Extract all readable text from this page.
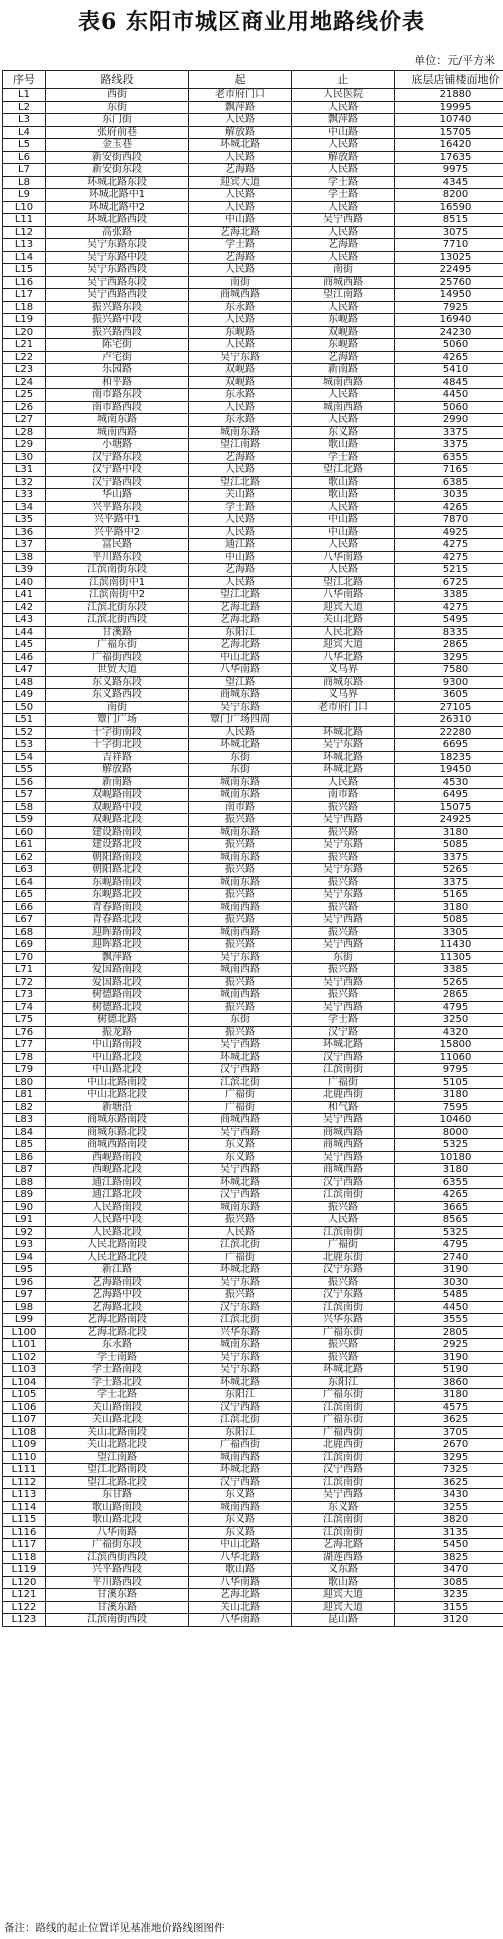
表6 东阳市城区商业用地路线价表
单位：元/平方米
序号	路线段	起	止	底层店铺楼面地价
L1	西街	老市府门口	人民医院	21880
L2	东街	飘萍路	人民路	19995
L3	东门街	人民路	飘萍路	10740
L4	张府前巷	解放路	中山路	15705
L5	金玉巷	环城北路	人民路	16420
L6	新安街西段	人民路	解放路	17635
L7	新安街东段	艺海路	人民路	9975
L8	环城北路东段	迎宾大道	学士路	4345
L9	环城北路中1	人民路	学士路	8200
L10	环城北路中2	人民路	人民路	16590
L11	环城北路西段	中山路	吴宁西路	8515
L12	高张路	艺海北路	人民路	3075
L13	吴宁东路东段	学士路	艺海路	7710
L14	吴宁东路中段	艺海路	人民路	13025
L15	吴宁东路西段	人民路	南街	22495
L16	吴宁西路东段	南街	商城西路	25760
L17	吴宁西路西段	商城西路	望江南路	14950
L18	振兴路东段	东永路	人民路	7925
L19	振兴路中段	人民路	东岘路	16940
L20	振兴路西段	东岘路	双岘路	24230
L21	陈宅街	人民路	东岘路	5060
L22	卢宅街	吴宁东路	艺海路	4265
L23	乐园路	双岘路	新南路	5410
L24	和平路	双岘路	城南西路	4845
L25	南市路东段	东永路	人民路	4450
L26	南市路西段	人民路	城南西路	5060
L27	城南东路	东永路	人民路	2990
L28	城南西路	城南东路	东义路	3375
L29	小塘路	望江南路	歌山路	3375
L30	汉宁路东段	艺海路	学士路	6355
L31	汉宁路中段	人民路	望江北路	7165
L32	汉宁路西段	望江北路	歌山路	6385
L33	华山路	关山路	歌山路	3035
L34	兴平路东段	学士路	人民路	4265
L35	兴平路中1	人民路	中山路	7870
L36	兴平路中2	人民路	中山路	4925
L37	富民路	通江路	人民路	4275
L38	平川路东段	中山路	八华南路	4275
L39	江滨南街东段	艺海路	人民路	5215
L40	江滨南街中1	人民路	望江北路	6725
L41	江滨南街中2	望江北路	八华南路	3385
L42	江滨北街东段	艺海北路	迎宾大道	4275
L43	江滨北街西段	艺海北路	关山北路	5495
L44	甘溪路	东阳江	人民北路	8335
L45	广福东街	艺海北路	迎宾大道	2865
L46	广福街西段	中山北路	八华北路	3295
L47	世贸大道	八华南路	义乌界	7580
L48	东义路东段	望江路	商城东路	9300
L49	东义路西段	商城东路	义乌界	3605
L50	南街	吴宁东路	老市府门口	27105
L51	簟门广场	簟门广场四周		26310
L52	十字街南段	人民路	环城北路	22280
L53	十字街北段	环城北路	吴宁东路	6695
L54	吉祥路	东街	环城北路	18235
L55	解放路	东街	环城北路	19450
L56	新南路	城南东路	人民路	4530
L57	双岘路南段	城南东路	南市路	6495
L58	双岘路中段	南市路	振兴路	15075
L59	双岘路北段	振兴路	吴宁西路	24925
L60	建设路南段	城南东路	振兴路	3180
L61	建设路北段	振兴路	吴宁东路	5085
L62	朝阳路南段	城南东路	振兴路	3375
L63	朝阳路北段	振兴路	吴宁东路	5265
L64	东岘路南段	城南东路	振兴路	3375
L65	东岘路北段	振兴路	吴宁东路	5165
L66	青春路南段	城南西路	振兴路	3180
L67	青春路北段	振兴路	吴宁西路	5085
L68	迎晖路南段	城南西路	振兴路	3305
L69	迎晖路北段	振兴路	吴宁西路	11430
L70	飘萍路	吴宁东路	东街	11305
L71	爱国路南段	城南西路	振兴路	3385
L72	爱国路北段	振兴路	吴宁西路	5265
L73	树德路南段	城南西路	振兴路	2865
L74	树德路北段	振兴路	吴宁西路	4795
L75	树德北路	东街	学士路	3250
L76	振龙路	振兴路	汉宁路	4320
L77	中山路南段	吴宁西路	环城北路	15800
L78	中山路北段	环城北路	汉宁西路	11060
L79	中山路北段	汉宁西路	江滨南街	9795
L80	中山北路南段	江滨北街	广福街	5105
L81	中山北路北段	广福街	北鹿西街	3180
L82	新塘沿	广福街	和气路	7595
L83	商城东路南段	商城西路	吴宁西路	10460
L84	商城东路北段	吴宁西路	商城西路	8000
L85	商城西路南段	东义路	商城西路	5325
L86	西岘路南段	东义路	吴宁西路	10180
L87	西岘路北段	吴宁西路	商城西路	3180
L88	通江路南段	环城北路	汉宁西路	6355
L89	通江路北段	汉宁西路	江滨南街	4265
L90	人民路南段	城南东路	振兴路	3665
L91	人民路中段	振兴路	人民路	8565
L92	人民路北段	人民路	江滨南街	5325
L93	人民北路南段	江滨北街	广福街	4795
L94	人民北路北段	广福街	北鹿东街	2740
L95	新江路	环城北路	汉宁东路	3190
L96	艺海路南段	吴宁东路	振兴路	3030
L97	艺海路中段	振兴路	汉宁东路	5485
L98	艺海路北段	汉宁东路	江滨南街	4450
L99	艺海北路南段	江滨北街	兴华东路	3555
L100	艺海北路北段	兴华东路	广福东街	2805
L101	东永路	城南东路	振兴路	2925
L102	学士南路	吴宁东路	振兴路	3190
L103	学士路南段	吴宁东路	环城北路	5190
L104	学士路北段	环城北路	东阳江	3860
L105	学士北路	东阳江	广福东街	3180
L106	关山路南段	汉宁西路	江滨南街	4575
L107	关山路北段	江滨北街	广福东街	3625
L108	关山北路南段	东阳江	广福西街	3705
L109	关山北路北段	广福西街	北鹿西街	2670
L110	望江南路	城南西路	江滨南街	3295
L111	望江北路南段	环城北路	汉宁西路	7325
L112	望江北路北段	汉宁西路	江滨南街	3625
L113	东甘路	东义路	吴宁西路	3430
L114	歌山路南段	城南西路	东义路	3255
L115	歌山路北段	东义路	江滨南街	3820
L116	八华南路	东义路	江滨南街	3135
L117	广福街东段	中山北路	艺海北路	5450
L118	江滨西街西段	八华北路	湖莲西路	3825
L119	兴平路西段	歌山路	义东路	3470
L120	平川路西段	八华南路	歌山路	3085
L121	甘溪东路	艺海北路	迎宾大道	3235
L122	甘溪东路	关山北路	迎宾大道	3155
L123	江滨南街西段	八华南路	昆山路	3120
备注：路线的起止位置详见基准地价路线图图件
